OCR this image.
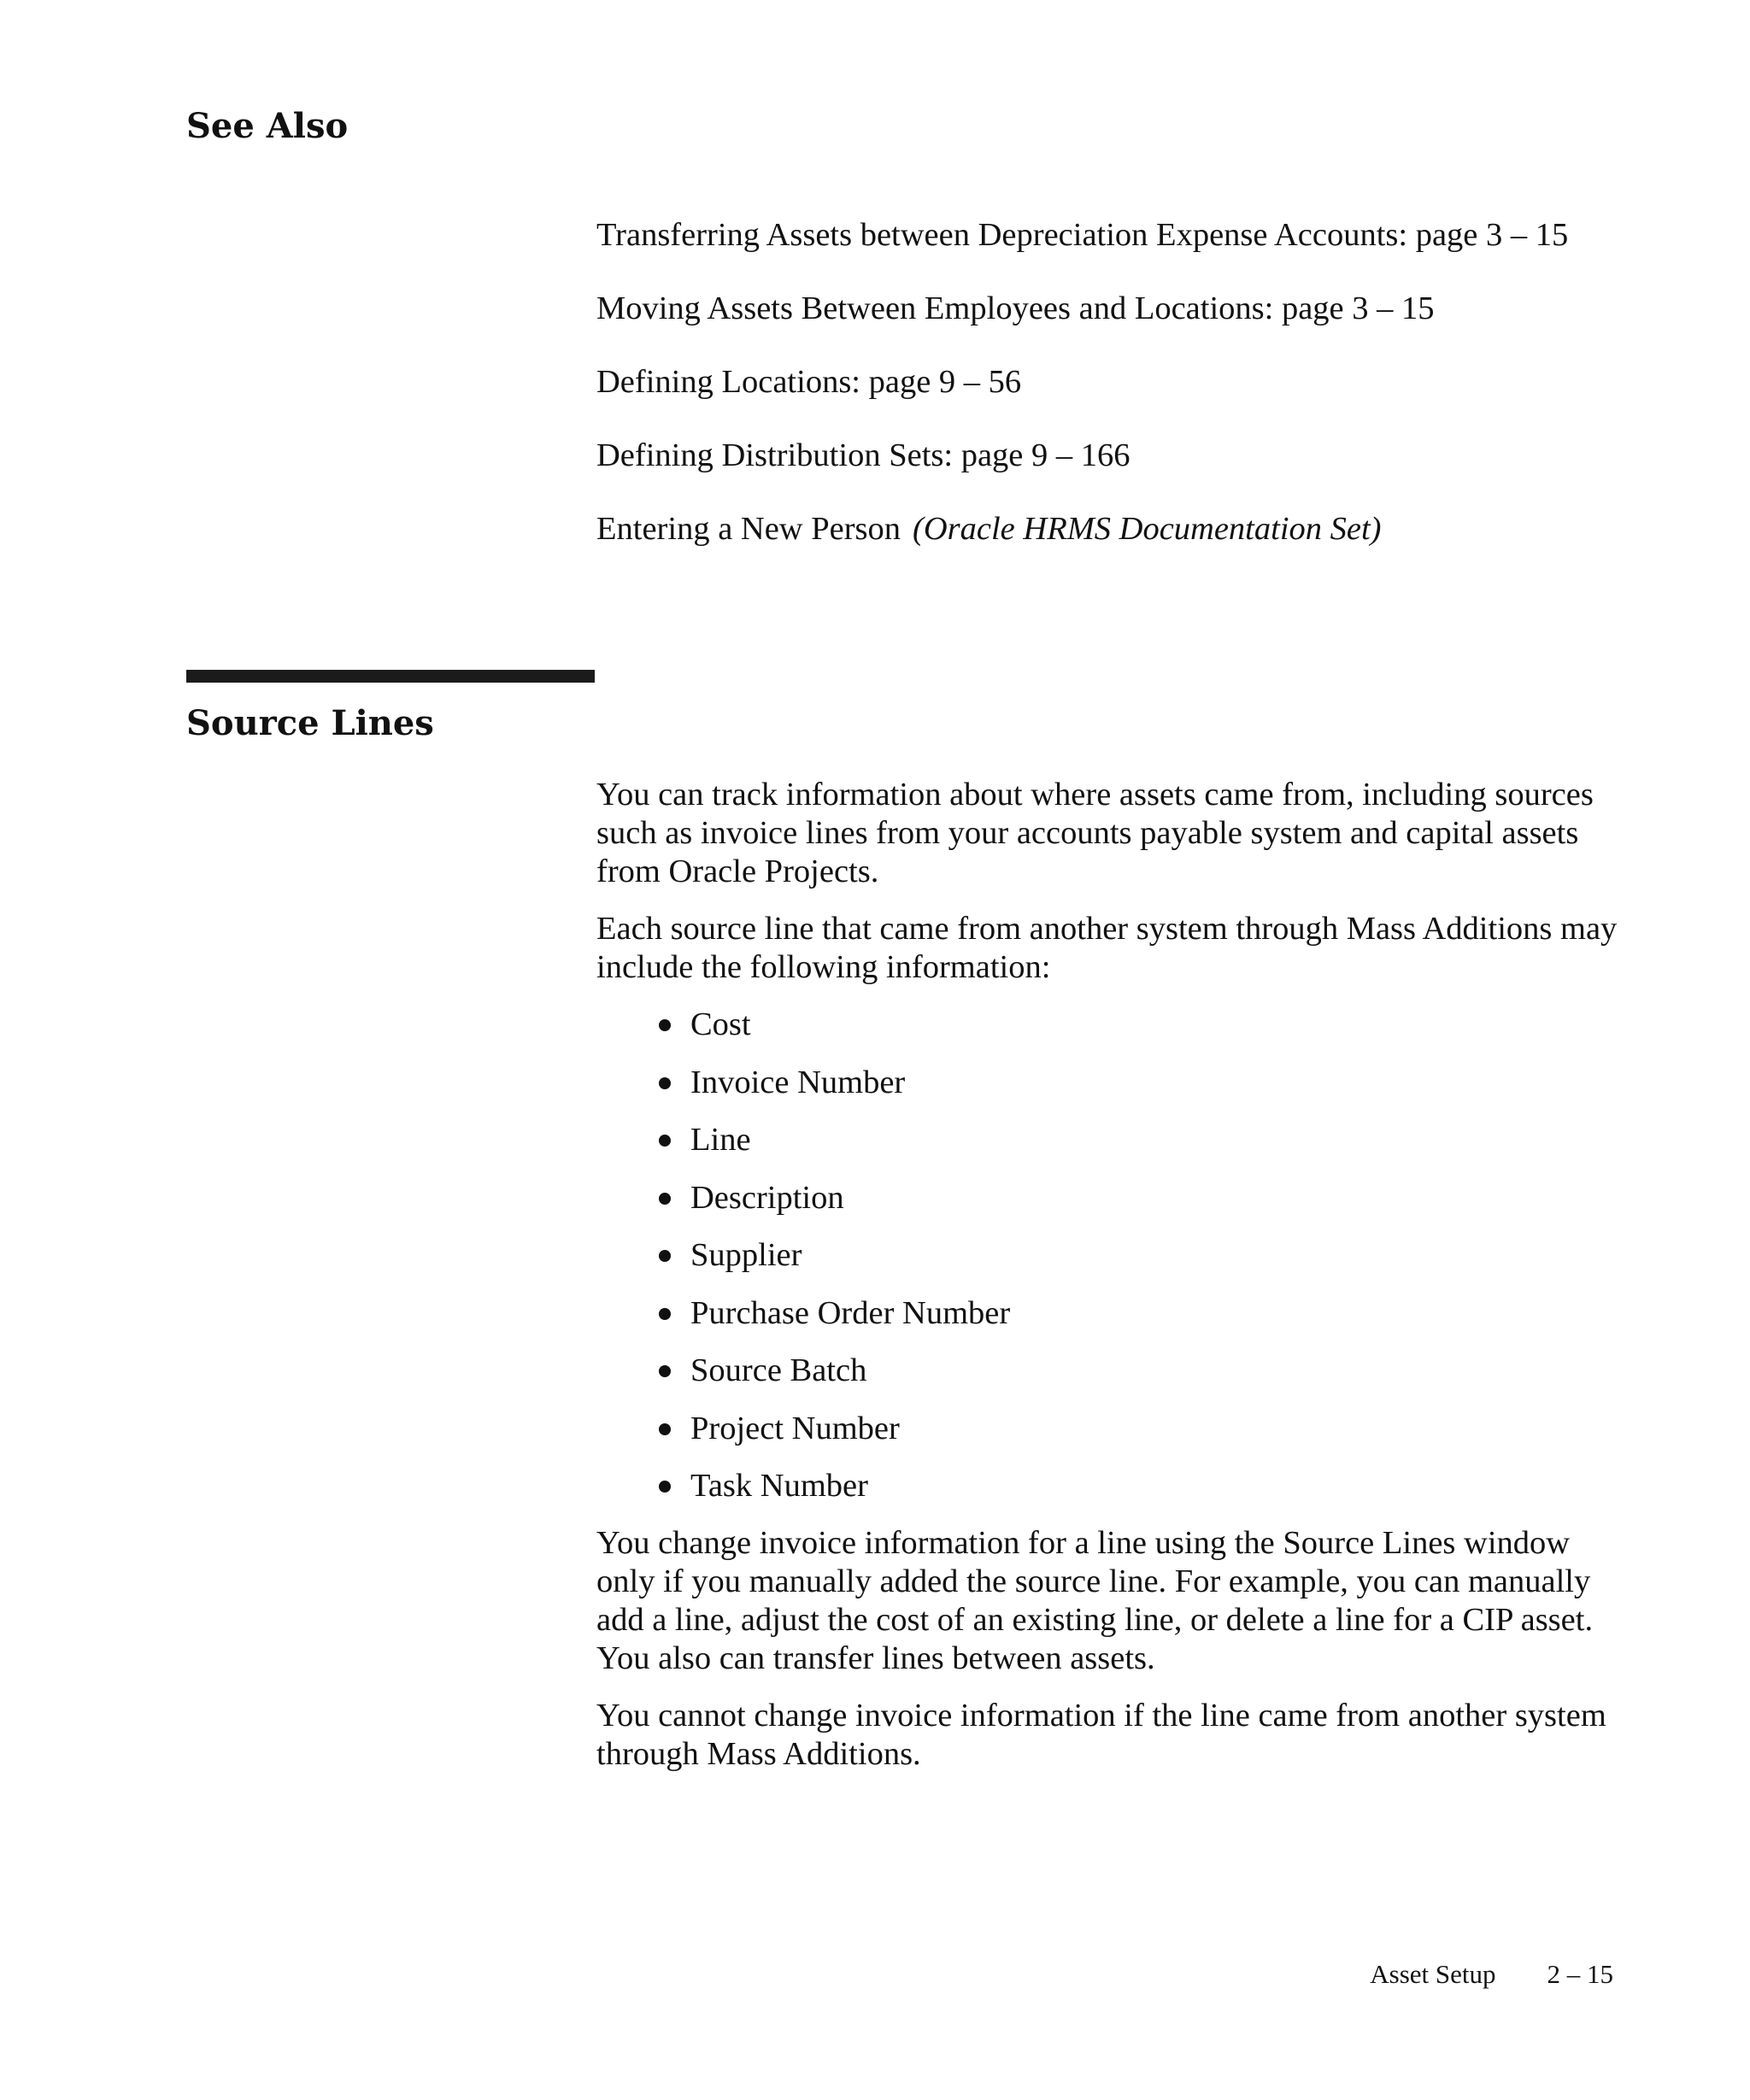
See Also
Transferring Assets between Depreciation Expense Accounts: page 3 – 15
Moving Assets Between Employees and Locations: page 3 – 15
Defining Locations: page 9 – 56
Defining Distribution Sets: page 9 – 166
Entering a New Person (Oracle HRMS Documentation Set)
Source Lines

You can track information about where assets came from, including sources such as invoice lines from your accounts payable system and capital assets from Oracle Projects.

Each source line that came from another system through Mass Additions may include the following information:

Cost
Invoice Number
Line
Description
Supplier
Purchase Order Number
Source Batch
Project Number
Task Number

You change invoice information for a line using the Source Lines window only if you manually added the source line. For example, you can manually add a line, adjust the cost of an existing line, or delete a line for a CIP asset. You also can transfer lines between assets.

You cannot change invoice information if the line came from another system through Mass Additions.

Asset Setup 2 – 15
